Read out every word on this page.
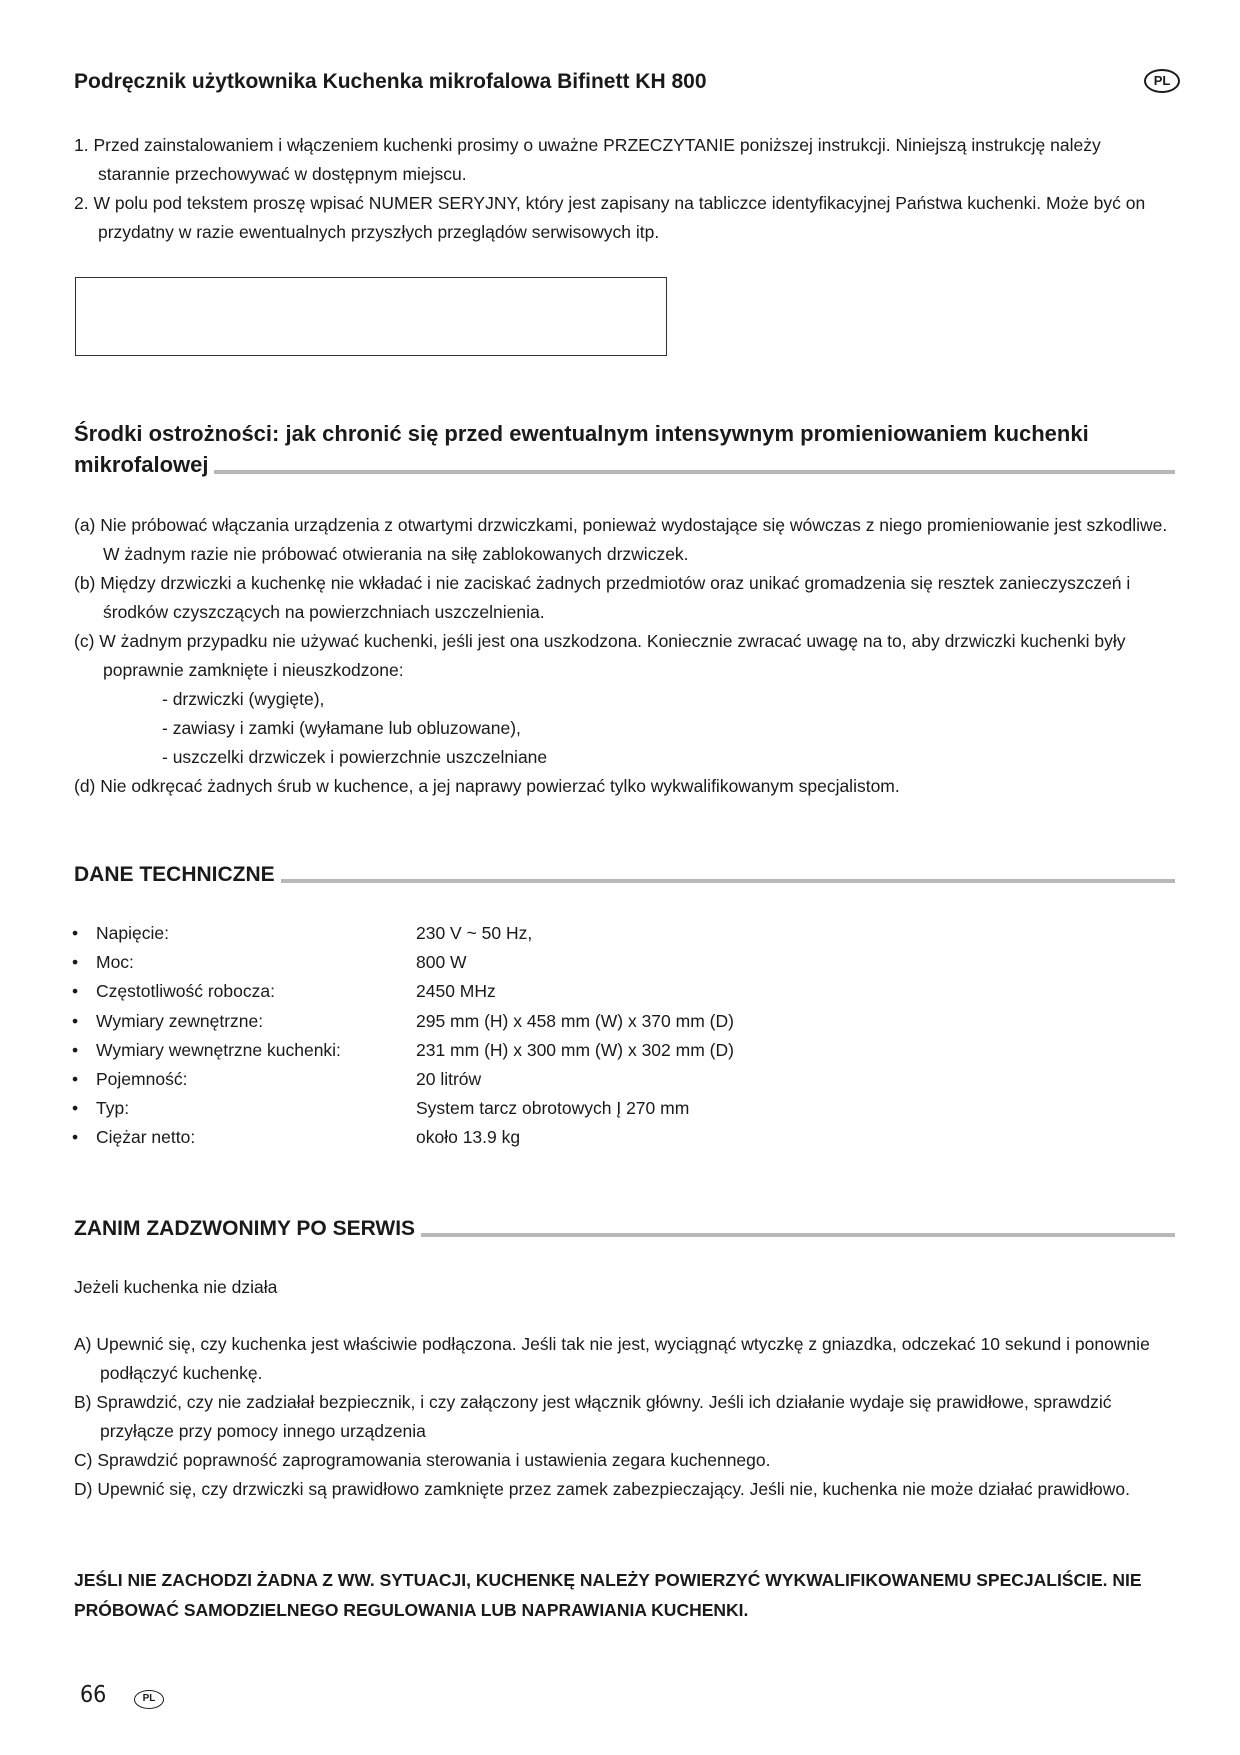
Podręcznik użytkownika Kuchenka mikrofalowa Bifinett KH 800	PL
1. Przed zainstalowaniem i włączeniem kuchenki prosimy o uważne PRZECZYTANIE poniższej instrukcji. Niniejszą instrukcję należy starannie przechowywać w dostępnym miejscu.
2. W polu pod tekstem proszę wpisać NUMER SERYJNY, który jest zapisany na tabliczce identyfikacyjnej Państwa kuchenki. Może być on przydatny w razie ewentualnych przyszłych przeglądów serwisowych itp.
Środki ostrożności: jak chronić się przed ewentualnym intensywnym promieniowaniem kuchenki
mikrofalowej
(a) Nie próbować włączania urządzenia z otwartymi drzwiczkami, ponieważ wydostające się wówczas z niego promieniowanie jest szkodliwe. W żadnym razie nie próbować otwierania na siłę zablokowanych drzwiczek.
(b) Między drzwiczki a kuchenkę nie wkładać i nie zaciskać żadnych przedmiotów oraz unikać gromadzenia się resztek zanieczyszczeń i środków czyszczących na powierzchniach uszczelnienia.
(c) W żadnym przypadku nie używać kuchenki, jeśli jest ona uszkodzona. Koniecznie zwracać uwagę na to, aby drzwiczki kuchenki były poprawnie zamknięte i nieuszkodzone:
- drzwiczki (wygięte),
- zawiasy i zamki (wyłamane lub obluzowane),
- uszczelki drzwiczek i powierzchnie uszczelniane
(d) Nie odkręcać żadnych śrub w kuchence, a jej naprawy powierzać tylko wykwalifikowanym specjalistom.
DANE TECHNICZNE
•	Napięcie:	230 V ~ 50 Hz,
•	Moc:	800 W
•	Częstotliwość robocza:	2450 MHz
•	Wymiary zewnętrzne:	295 mm (H) x 458 mm (W) x 370 mm (D)
•	Wymiary wewnętrzne kuchenki:	231 mm (H) x 300 mm (W) x 302 mm (D)
•	Pojemność:	20 litrów
•	Typ:	System tarcz obrotowych Į 270 mm
•	Ciężar netto:	około 13.9 kg
ZANIM ZADZWONIMY PO SERWIS
Jeżeli kuchenka nie działa
A) Upewnić się, czy kuchenka jest właściwie podłączona. Jeśli tak nie jest, wyciągnąć wtyczkę z gniazdka, odczekać 10 sekund i ponownie podłączyć kuchenkę.
B) Sprawdzić, czy nie zadziałał bezpiecznik, i czy załączony jest włącznik główny. Jeśli ich działanie wydaje się prawidłowe, sprawdzić przyłącze przy pomocy innego urządzenia
C) Sprawdzić poprawność zaprogramowania sterowania i ustawienia zegara kuchennego.
D) Upewnić się, czy drzwiczki są prawidłowo zamknięte przez zamek zabezpieczający. Jeśli nie, kuchenka nie może działać prawidłowo.
JEŚLI NIE ZACHODZI ŻADNA Z WW. SYTUACJI, KUCHENKĘ NALEŻY POWIERZYĆ WYKWALIFIKOWANEMU SPECJALIŚCIE. NIE PRÓBOWAĆ SAMODZIELNEGO REGULOWANIA LUB NAPRAWIANIA KUCHENKI.
66	PL
